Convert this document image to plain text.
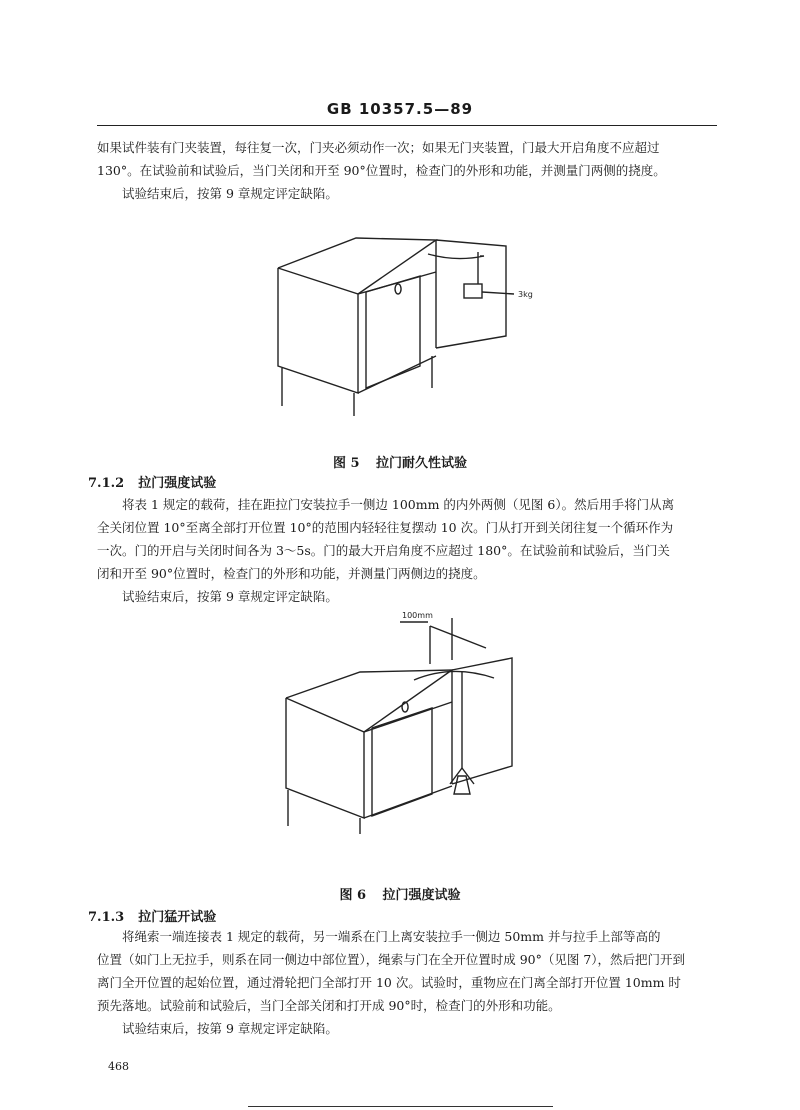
GB 10357.5—89

如果试件装有门夹装置，每往复一次，门夹必须动作一次；如果无门夹装置，门最大开启角度不应超过

130°。在试验前和试验后，当门关闭和开至 90°位置时，检查门的外形和功能，并测量门两侧的挠度。

试验结束后，按第 9 章规定评定缺陷。

3kg
图 5 拉门耐久性试验
7.1.2 拉门强度试验

将表 1 规定的载荷，挂在距拉门安装拉手一侧边 100mm 的内外两侧（见图 6）。然后用手将门从离

全关闭位置 10°至离全部打开位置 10°的范围内轻轻往复摆动 10 次。门从打开到关闭往复一个循环作为

一次。门的开启与关闭时间各为 3～5s。门的最大开启角度不应超过 180°。在试验前和试验后，当门关

闭和开至 90°位置时，检查门的外形和功能，并测量门两侧边的挠度。

试验结束后，按第 9 章规定评定缺陷。

100mm
图 6 拉门强度试验
7.1.3 拉门猛开试验

将绳索一端连接表 1 规定的载荷，另一端系在门上离安装拉手一侧边 50mm 并与拉手上部等高的

位置（如门上无拉手，则系在同一侧边中部位置），绳索与门在全开位置时成 90°（见图 7），然后把门开到

离门全开位置的起始位置，通过滑轮把门全部打开 10 次。试验时，重物应在门离全部打开位置 10mm 时

预先落地。试验前和试验后，当门全部关闭和打开成 90°时，检查门的外形和功能。

试验结束后，按第 9 章规定评定缺陷。

468
